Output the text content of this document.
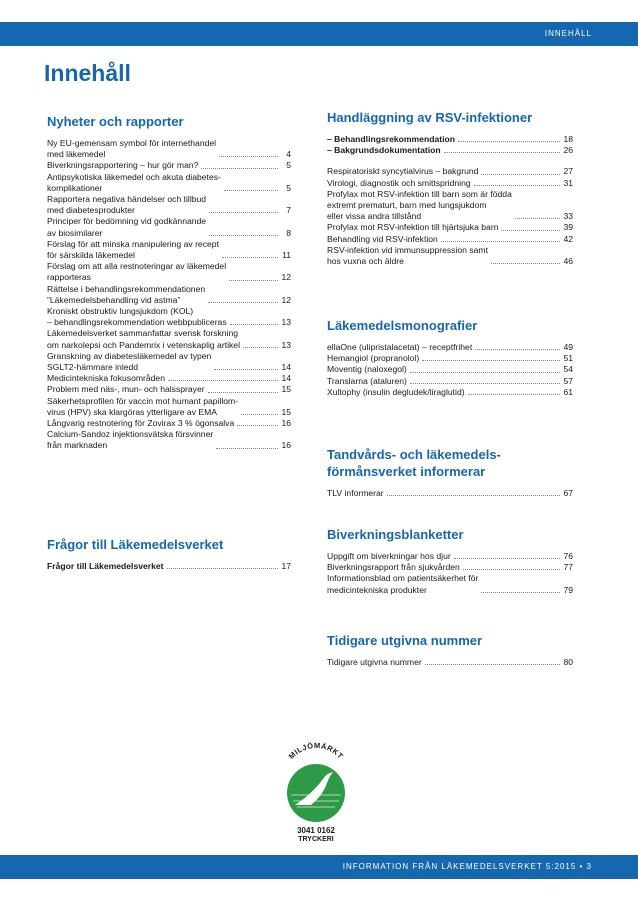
INNEHÅLL
Innehåll
Nyheter och rapporter
Ny EU-gemensam symbol för internethandel
med läkemedel	4
Biverkningsrapportering – hur gör man?	5
Antipsykotiska läkemedel och akuta diabetes-
komplikationer	5
Rapportera negativa händelser och tillbud
med diabetesprodukter	7
Principer för bedömning vid godkännande
av biosimilarer	8
Förslag för att minska manipulering av recept
för särskilda läkemedel	11
Förslag om att alla restnoteringar av läkemedel
rapporteras	12
Rättelse i behandlingsrekommendationen
”Läkemedelsbehandling vid astma”	12
Kroniskt obstruktiv lungsjukdom (KOL)
– behandlingsrekommendation webbpubliceras	13
Läkemedelsverket sammanfattar svensk forskning
om narkolepsi och Pandemrix i vetenskaplig artikel	13
Granskning av diabetesläkemedel av typen
SGLT2-hämmare inledd	14
Medicintekniska fokusområden	14
Problem med näs-, mun- och halssprayer	15
Säkerhetsprofilen för vaccin mot humant papillom-
virus (HPV) ska klargöras ytterligare av EMA	15
Långvarig restnotering för Zovirax 3 % ögonsalva	16
Calcium-Sandoz injektionsvätska försvinner
från marknaden	16
Frågor till Läkemedelsverket
Frågor till Läkemedelsverket	17
Handläggning av RSV-infektioner
– Behandlingsrekommendation	18
– Bakgrundsdokumentation	26
Respiratoriskt syncytialvirus – bakgrund	27
Virologi, diagnostik och smittspridning	31
Profylax mot RSV-infektion till barn som är födda
extremt prematurt, barn med lungsjukdom
eller vissa andra tillstånd	33
Profylax mot RSV-infektion till hjärtsjuka barn	39
Behandling vid RSV-infektion	42
RSV-infektion vid immunsuppression samt
hos vuxna och äldre	46
Läkemedelsmonografier
ellaOne (ulipristalacetat) – receptfrihet	49
Hemangiol (propranolol)	51
Moventig (naloxegol)	54
Translarna (ataluren)	57
Xultophy (insulin degludek/liraglutid)	61
Tandvårds- och läkemedels-
förmånsverket informerar
TLV informerar	67
Biverkningsblanketter
Uppgift om biverkningar hos djur	76
Biverkningsrapport från sjukvården	77
Informationsblad om patientsäkerhet för
medicintekniska produkter	79
Tidigare utgivna nummer
Tidigare utgivna nummer	80
MILJÖMÄRKT
3041 0162
TRYCKERI
INFORMATION FRÅN LÄKEMEDELSVERKET 5:2015 • 3
